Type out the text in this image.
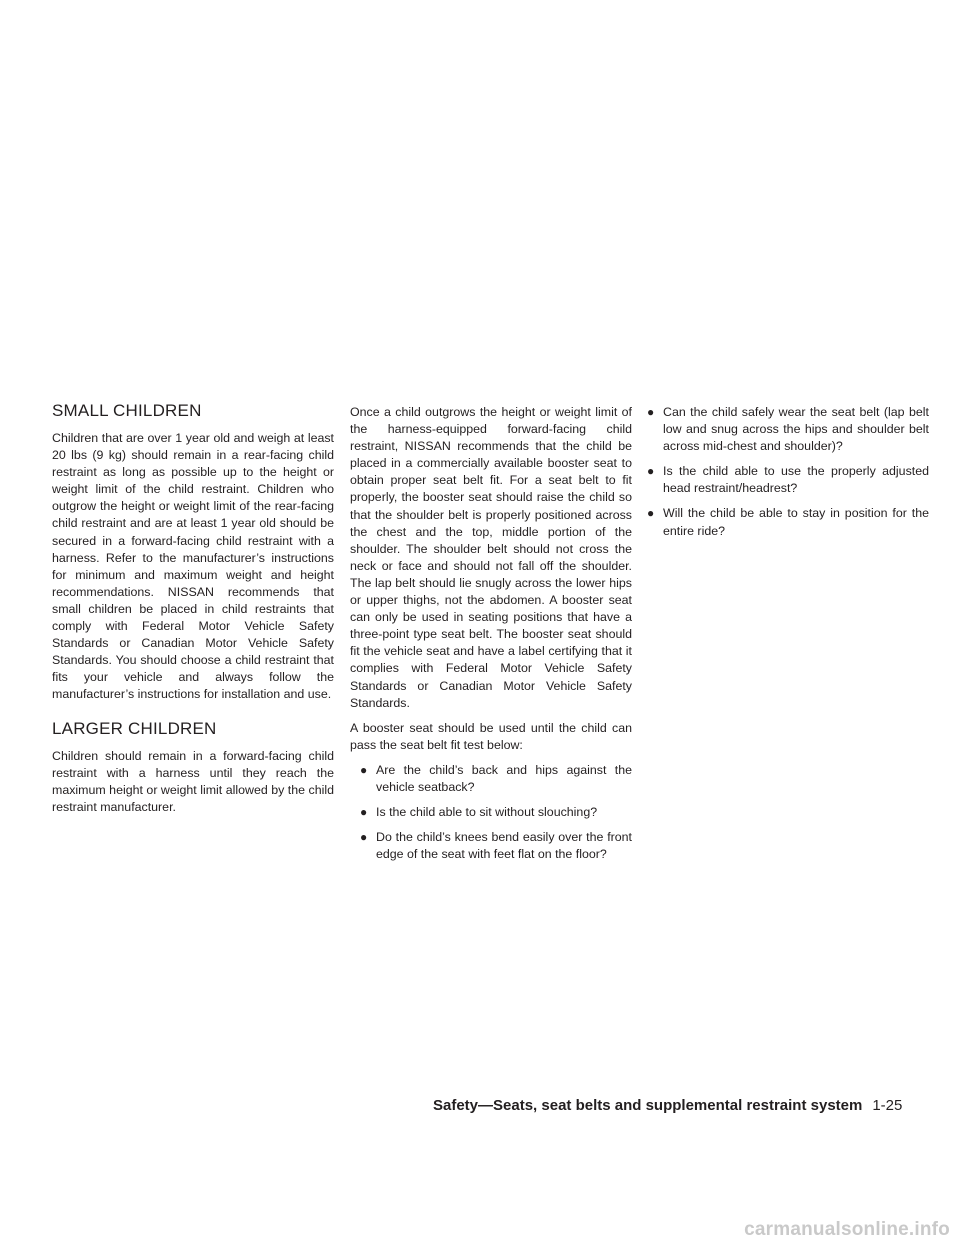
SMALL CHILDREN

Children that are over 1 year old and weigh at least 20 lbs (9 kg) should remain in a rear-facing child restraint as long as possible up to the height or weight limit of the child restraint. Children who outgrow the height or weight limit of the rear-facing child restraint and are at least 1 year old should be secured in a forward-facing child restraint with a harness. Refer to the manufacturer’s instructions for minimum and maximum weight and height recommendations. NISSAN recommends that small children be placed in child restraints that comply with Federal Motor Vehicle Safety Standards or Canadian Motor Vehicle Safety Standards. You should choose a child restraint that fits your vehicle and always follow the manufacturer’s instructions for installation and use.

LARGER CHILDREN

Children should remain in a forward-facing child restraint with a harness until they reach the maximum height or weight limit allowed by the child restraint manufacturer.

Once a child outgrows the height or weight limit of the harness-equipped forward-facing child restraint, NISSAN recommends that the child be placed in a commercially available booster seat to obtain proper seat belt fit. For a seat belt to fit properly, the booster seat should raise the child so that the shoulder belt is properly positioned across the chest and the top, middle portion of the shoulder. The shoulder belt should not cross the neck or face and should not fall off the shoulder. The lap belt should lie snugly across the lower hips or upper thighs, not the abdomen. A booster seat can only be used in seating positions that have a three-point type seat belt. The booster seat should fit the vehicle seat and have a label certifying that it complies with Federal Motor Vehicle Safety Standards or Canadian Motor Vehicle Safety Standards.

A booster seat should be used until the child can pass the seat belt fit test below:

● Are the child’s back and hips against the vehicle seatback?
● Is the child able to sit without slouching?
● Do the child’s knees bend easily over the front edge of the seat with feet flat on the floor?
● Can the child safely wear the seat belt (lap belt low and snug across the hips and shoulder belt across mid-chest and shoulder)?
● Is the child able to use the properly adjusted head restraint/headrest?
● Will the child be able to stay in position for the entire ride?
Safety—Seats, seat belts and supplemental restraint system 1-25
carmanualsonline.info
